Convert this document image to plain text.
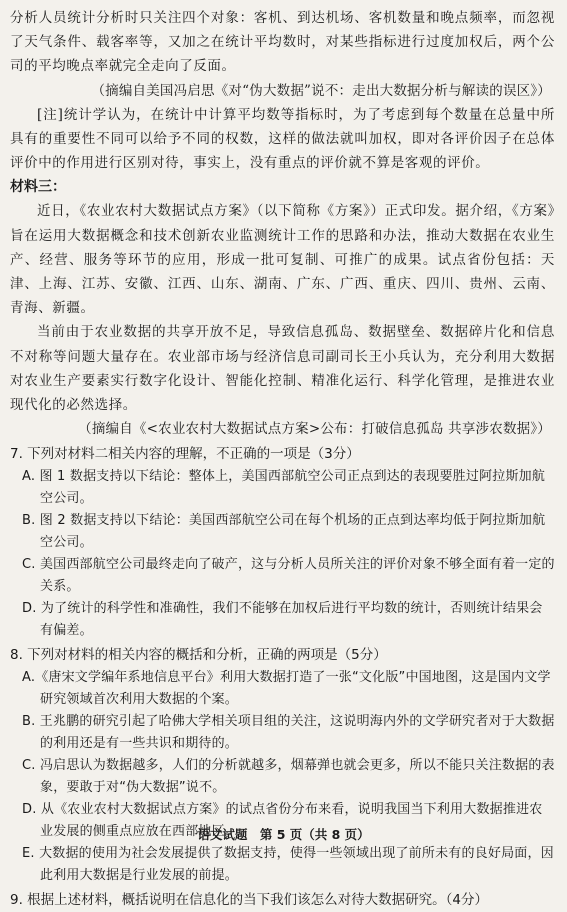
分析人员统计分析时只关注四个对象：客机、到达机场、客机数量和晚点频率，而忽视了天气条件、载客率等，又加之在统计平均数时，对某些指标进行过度加权后，两个公司的平均晚点率就完全走向了反面。

（摘编自美国冯启思《对“伪大数据”说不：走出大数据分析与解读的误区》）

[注]统计学认为，在统计中计算平均数等指标时，为了考虑到每个数量在总量中所具有的重要性不同可以给予不同的权数，这样的做法就叫加权，即对各评价因子在总体评价中的作用进行区别对待，事实上，没有重点的评价就不算是客观的评价。

材料三：

近日，《农业农村大数据试点方案》（以下简称《方案》）正式印发。据介绍，《方案》旨在运用大数据概念和技术创新农业监测统计工作的思路和办法，推动大数据在农业生产、经营、服务等环节的应用，形成一批可复制、可推广的成果。试点省份包括：天津、上海、江苏、安徽、江西、山东、湖南、广东、广西、重庆、四川、贵州、云南、青海、新疆。

当前由于农业数据的共享开放不足，导致信息孤岛、数据壁垒、数据碎片化和信息不对称等问题大量存在。农业部市场与经济信息司副司长王小兵认为，充分利用大数据对农业生产要素实行数字化设计、智能化控制、精准化运行、科学化管理，是推进农业现代化的必然选择。

（摘编自《<农业农村大数据试点方案>公布：打破信息孤岛 共享涉农数据》）

7. 下列对材料二相关内容的理解，不正确的一项是（3分）

A. 图 1 数据支持以下结论：整体上，美国西部航空公司正点到达的表现要胜过阿拉斯加航空公司。

B. 图 2 数据支持以下结论：美国西部航空公司在每个机场的正点到达率均低于阿拉斯加航空公司。

C. 美国西部航空公司最终走向了破产，这与分析人员所关注的评价对象不够全面有着一定的关系。

D. 为了统计的科学性和准确性，我们不能够在加权后进行平均数的统计，否则统计结果会有偏差。

8. 下列对材料的相关内容的概括和分析，正确的两项是（5分）

A.《唐宋文学编年系地信息平台》利用大数据打造了一张“文化版”中国地图，这是国内文学研究领域首次利用大数据的个案。

B. 王兆鹏的研究引起了哈佛大学相关项目组的关注，这说明海内外的文学研究者对于大数据的利用还是有一些共识和期待的。

C. 冯启思认为数据越多，人们的分析就越多，烟幕弹也就会更多，所以不能只关注数据的表象，要敢于对“伪大数据”说不。

D. 从《农业农村大数据试点方案》的试点省份分布来看，说明我国当下利用大数据推进农业发展的侧重点应放在西部地区。

E. 大数据的使用为社会发展提供了数据支持，使得一些领域出现了前所未有的良好局面，因此利用大数据是行业发展的前提。

9. 根据上述材料，概括说明在信息化的当下我们该怎么对待大数据研究。（4分）

语文试题　第 5 页（共 8 页）
